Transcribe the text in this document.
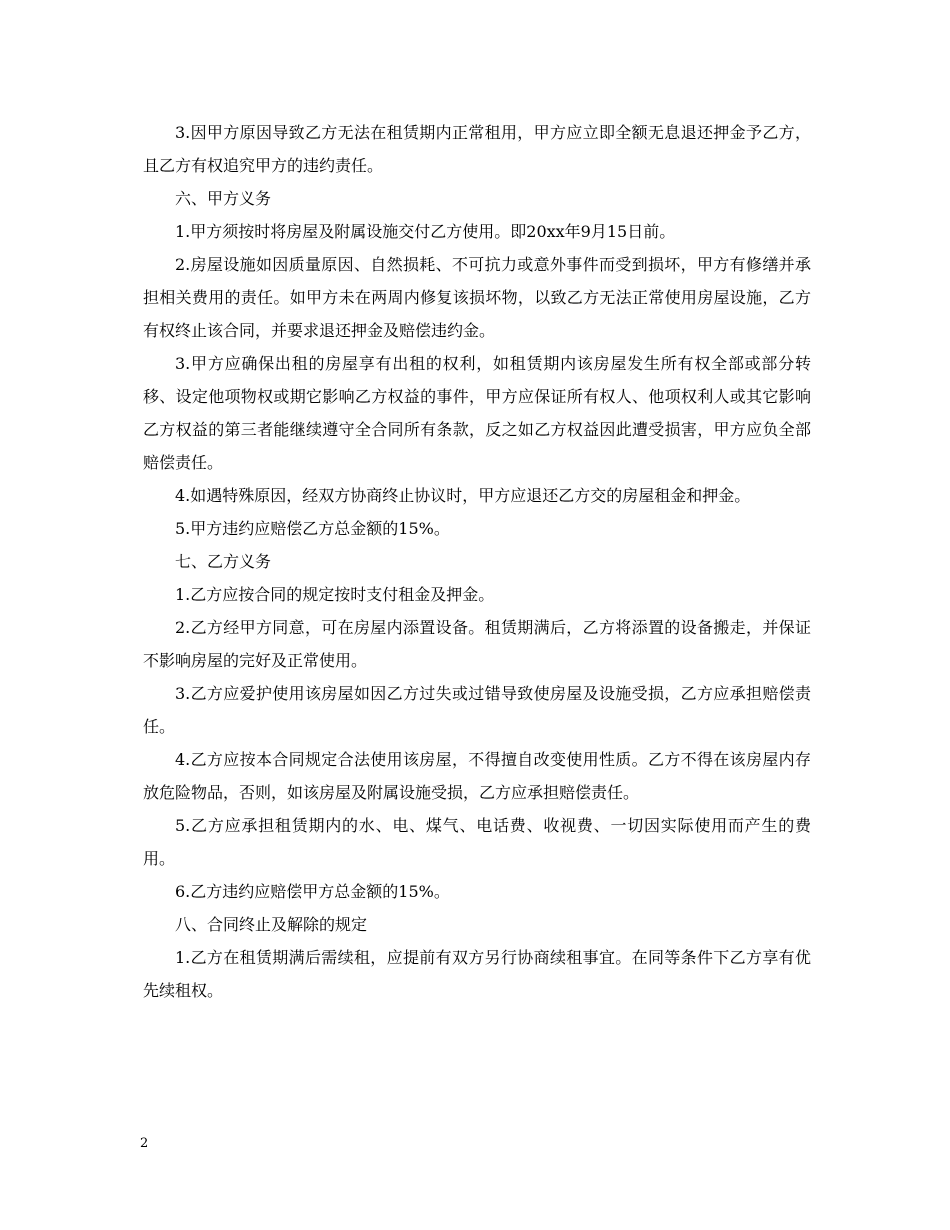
3.因甲方原因导致乙方无法在租赁期内正常租用，甲方应立即全额无息退还押金予乙方，且乙方有权追究甲方的违约责任。

六、甲方义务

1.甲方须按时将房屋及附属设施交付乙方使用。即20xx年9月15日前。

2.房屋设施如因质量原因、自然损耗、不可抗力或意外事件而受到损坏，甲方有修缮并承担相关费用的责任。如甲方未在两周内修复该损坏物，以致乙方无法正常使用房屋设施，乙方有权终止该合同，并要求退还押金及赔偿违约金。

3.甲方应确保出租的房屋享有出租的权利，如租赁期内该房屋发生所有权全部或部分转移、设定他项物权或期它影响乙方权益的事件，甲方应保证所有权人、他项权利人或其它影响乙方权益的第三者能继续遵守全合同所有条款，反之如乙方权益因此遭受损害，甲方应负全部赔偿责任。

4.如遇特殊原因，经双方协商终止协议时，甲方应退还乙方交的房屋租金和押金。

5.甲方违约应赔偿乙方总金额的15%。

七、乙方义务

1.乙方应按合同的规定按时支付租金及押金。

2.乙方经甲方同意，可在房屋内添置设备。租赁期满后，乙方将添置的设备搬走，并保证不影响房屋的完好及正常使用。

3.乙方应爱护使用该房屋如因乙方过失或过错导致使房屋及设施受损，乙方应承担赔偿责任。

4.乙方应按本合同规定合法使用该房屋，不得擅自改变使用性质。乙方不得在该房屋内存放危险物品，否则，如该房屋及附属设施受损，乙方应承担赔偿责任。

5.乙方应承担租赁期内的水、电、煤气、电话费、收视费、一切因实际使用而产生的费用。

6.乙方违约应赔偿甲方总金额的15%。

八、合同终止及解除的规定

1.乙方在租赁期满后需续租，应提前有双方另行协商续租事宜。在同等条件下乙方享有优先续租权。

2
